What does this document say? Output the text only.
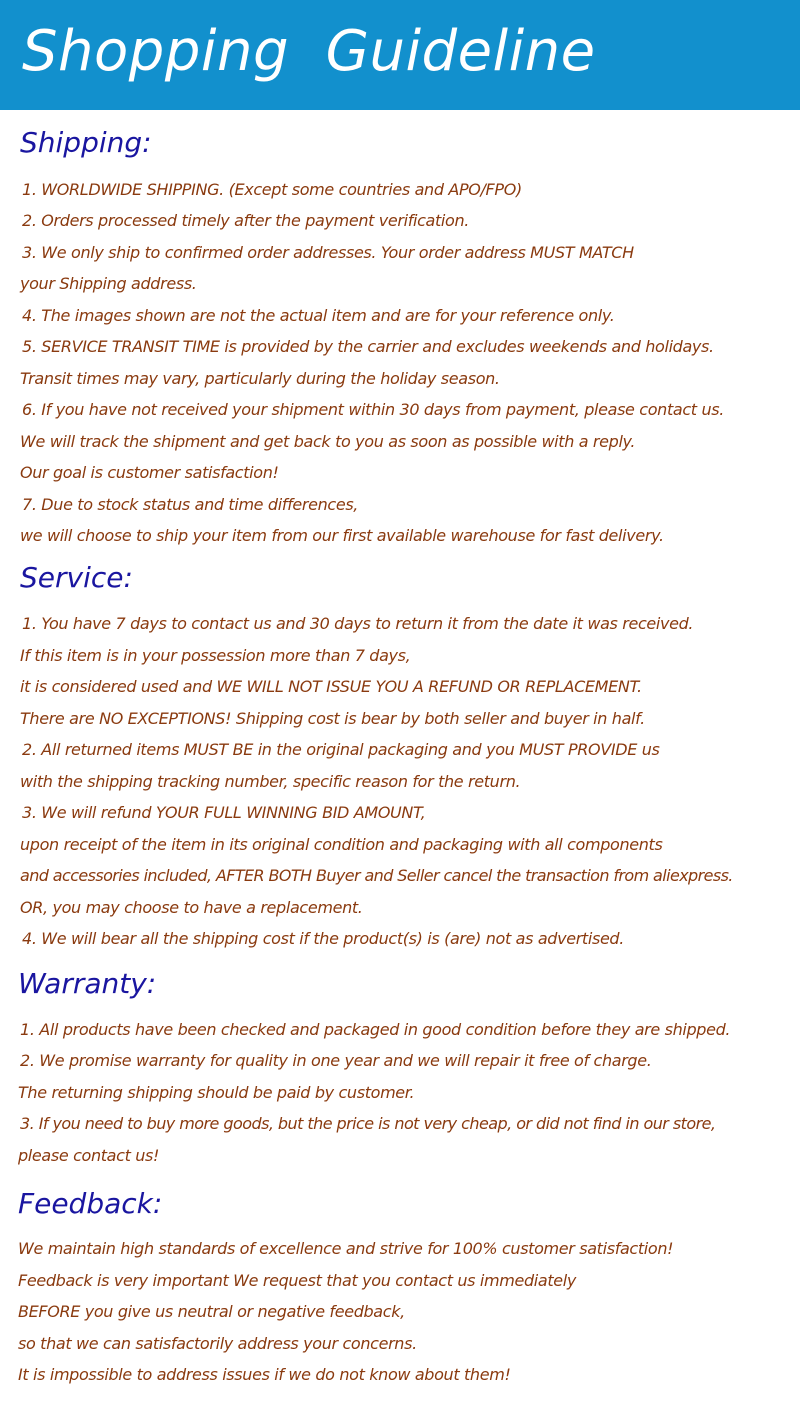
Shopping  Guideline
Shipping:

1. WORLDWIDE SHIPPING. (Except some countries and APO/FPO)

2. Orders processed timely after the payment verification.

3. We only ship to confirmed order addresses. Your order address MUST MATCH

your Shipping address.

4. The images shown are not the actual item and are for your reference only.

5. SERVICE TRANSIT TIME is provided by the carrier and excludes weekends and holidays.

Transit times may vary, particularly during the holiday season.

6. If you have not received your shipment within 30 days from payment, please contact us.

We will track the shipment and get back to you as soon as possible with a reply.

Our goal is customer satisfaction!

7. Due to stock status and time differences,

we will choose to ship your item from our first available warehouse for fast delivery.

Service:

1. You have 7 days to contact us and 30 days to return it from the date it was received.

If this item is in your possession more than 7 days,

it is considered used and WE WILL NOT ISSUE YOU A REFUND OR REPLACEMENT.

There are NO EXCEPTIONS! Shipping cost is bear by both seller and buyer in half.

2. All returned items MUST BE in the original packaging and you MUST PROVIDE us

with the shipping tracking number, specific reason for the return.

3. We will refund YOUR FULL WINNING BID AMOUNT,

upon receipt of the item in its original condition and packaging with all components

and accessories included, AFTER BOTH Buyer and Seller cancel the transaction from aliexpress.

OR, you may choose to have a replacement.

4. We will bear all the shipping cost if the product(s) is (are) not as advertised.

Warranty:

1. All products have been checked and packaged in good condition before they are shipped.

2. We promise warranty for quality in one year and we will repair it free of charge.

The returning shipping should be paid by customer.

3. If you need to buy more goods, but the price is not very cheap, or did not find in our store,

please contact us!

Feedback:

We maintain high standards of excellence and strive for 100% customer satisfaction!

Feedback is very important We request that you contact us immediately

BEFORE you give us neutral or negative feedback,

so that we can satisfactorily address your concerns.

It is impossible to address issues if we do not know about them!
